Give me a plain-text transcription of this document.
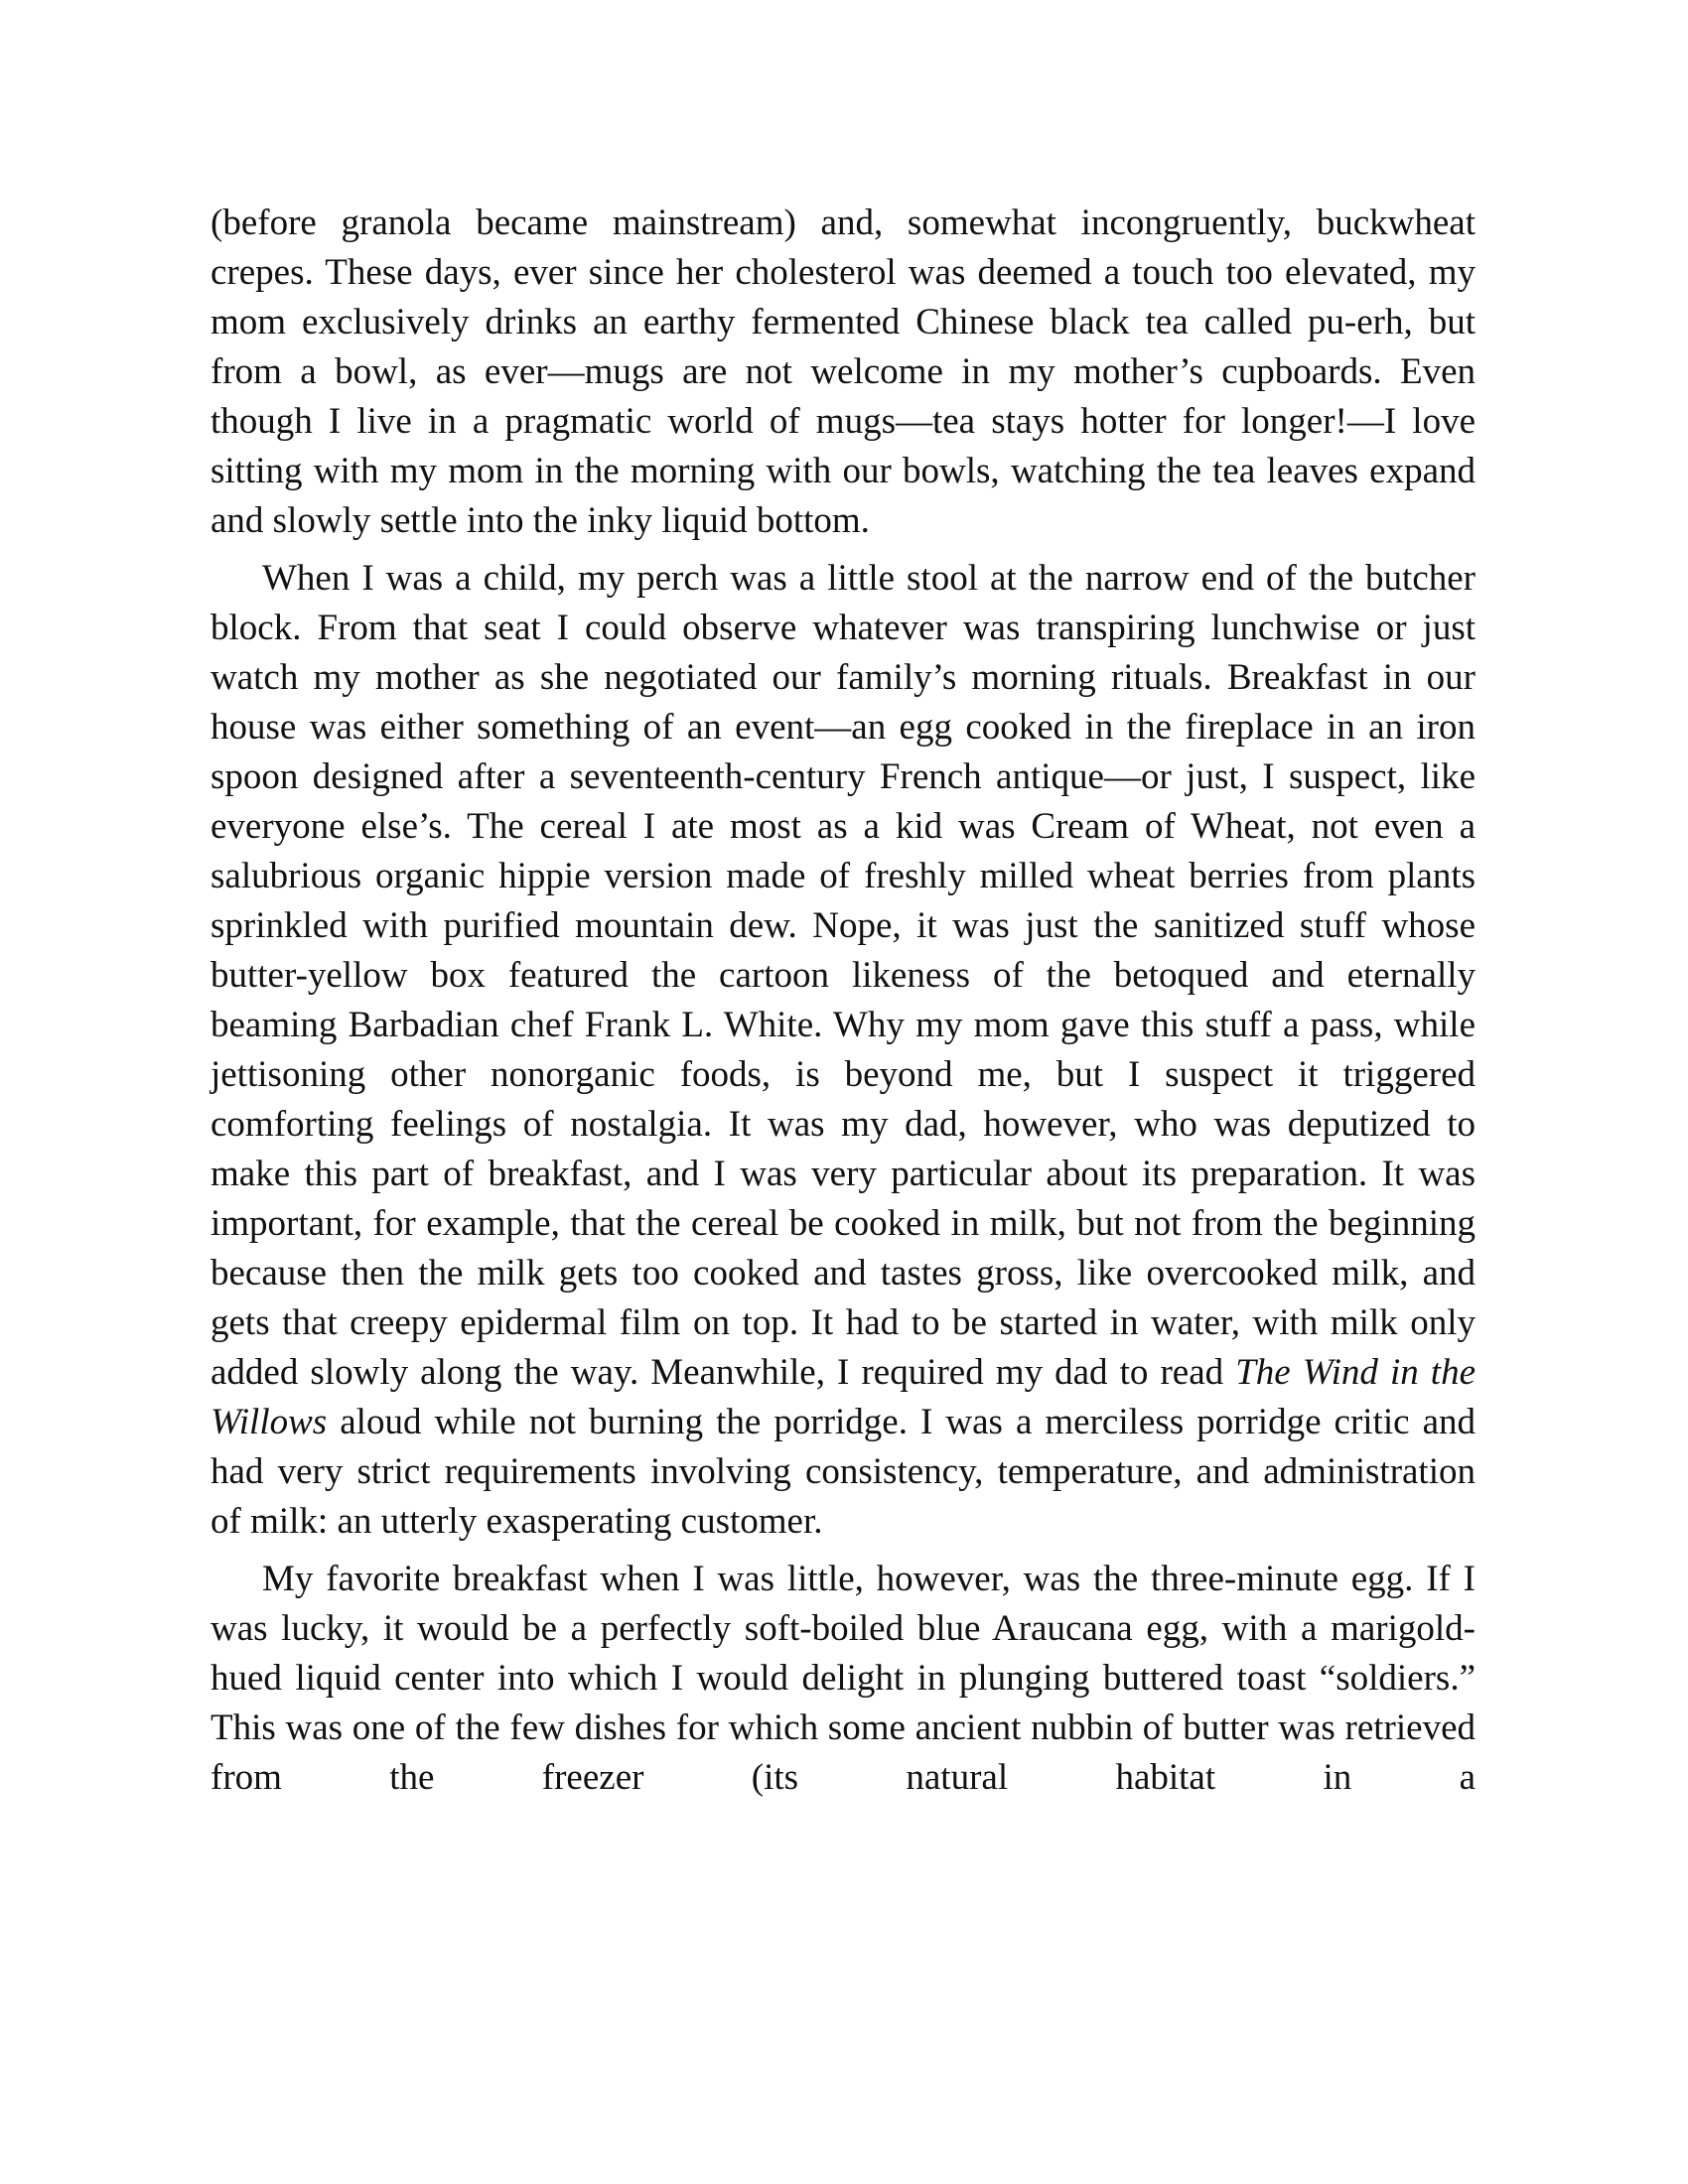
(before granola became mainstream) and, somewhat incongruently, buckwheat crepes. These days, ever since her cholesterol was deemed a touch too elevated, my mom exclusively drinks an earthy fermented Chinese black tea called pu-erh, but from a bowl, as ever—mugs are not welcome in my mother’s cupboards. Even though I live in a pragmatic world of mugs—tea stays hotter for longer!—I love sitting with my mom in the morning with our bowls, watching the tea leaves expand and slowly settle into the inky liquid bottom.

When I was a child, my perch was a little stool at the narrow end of the butcher block. From that seat I could observe whatever was transpiring lunchwise or just watch my mother as she negotiated our family’s morning rituals. Breakfast in our house was either something of an event—an egg cooked in the fireplace in an iron spoon designed after a seventeenth-century French antique—or just, I suspect, like everyone else’s. The cereal I ate most as a kid was Cream of Wheat, not even a salubrious organic hippie version made of freshly milled wheat berries from plants sprinkled with purified mountain dew. Nope, it was just the sanitized stuff whose butter-yellow box featured the cartoon likeness of the betoqued and eternally beaming Barbadian chef Frank L. White. Why my mom gave this stuff a pass, while jettisoning other nonorganic foods, is beyond me, but I suspect it triggered comforting feelings of nostalgia. It was my dad, however, who was deputized to make this part of breakfast, and I was very particular about its preparation. It was important, for example, that the cereal be cooked in milk, but not from the beginning because then the milk gets too cooked and tastes gross, like overcooked milk, and gets that creepy epidermal film on top. It had to be started in water, with milk only added slowly along the way. Meanwhile, I required my dad to read The Wind in the Willows aloud while not burning the porridge. I was a merciless porridge critic and had very strict requirements involving consistency, temperature, and administration of milk: an utterly exasperating customer.

My favorite breakfast when I was little, however, was the three-minute egg. If I was lucky, it would be a perfectly soft-boiled blue Araucana egg, with a marigold-hued liquid center into which I would delight in plunging buttered toast “soldiers.” This was one of the few dishes for which some ancient nubbin of butter was retrieved from the freezer (its natural habitat in a
